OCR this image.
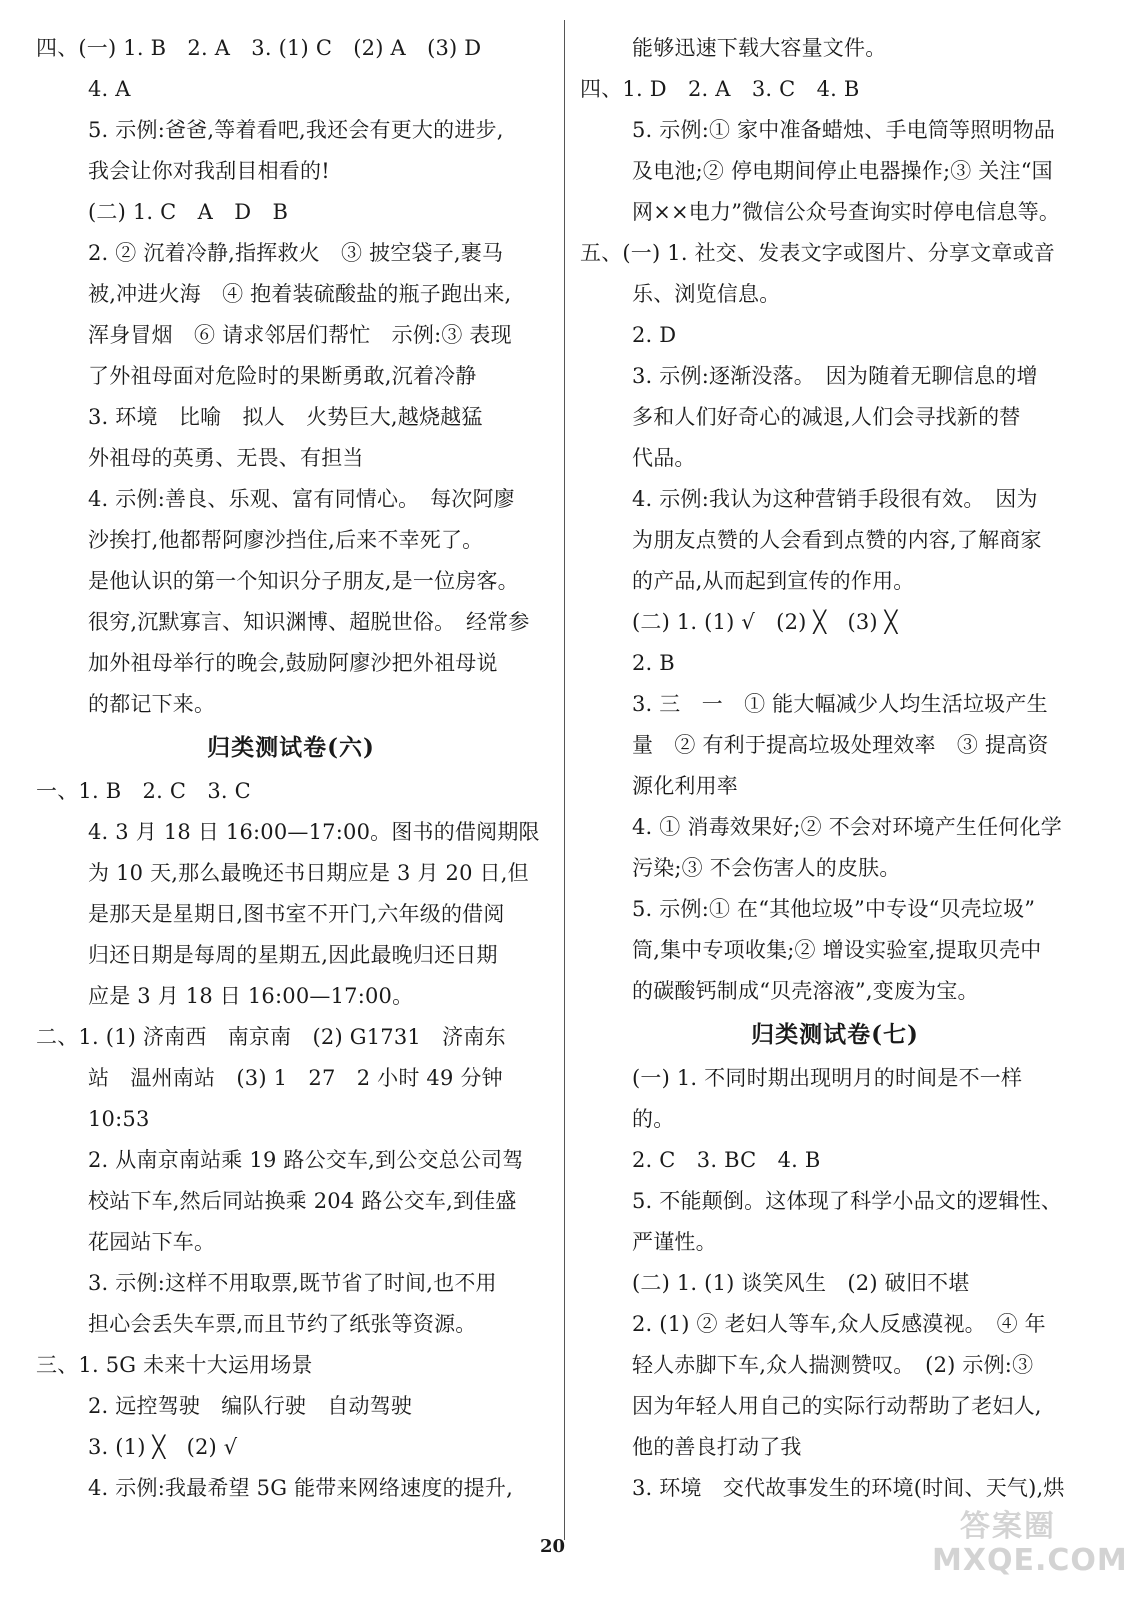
四、(一) 1. B　2. A　3. (1) C　(2) A　(3) D
4. A
5. 示例:爸爸,等着看吧,我还会有更大的进步,
我会让你对我刮目相看的!
(二) 1. C　A　D　B
2. ② 沉着冷静,指挥救火　③ 披空袋子,裹马
被,冲进火海　④ 抱着装硫酸盐的瓶子跑出来,
浑身冒烟　⑥ 请求邻居们帮忙　示例:③ 表现
了外祖母面对危险时的果断勇敢,沉着冷静
3. 环境　比喻　拟人　火势巨大,越烧越猛
外祖母的英勇、无畏、有担当
4. 示例:善良、乐观、富有同情心。　每次阿廖
沙挨打,他都帮阿廖沙挡住,后来不幸死了。
是他认识的第一个知识分子朋友,是一位房客。
很穷,沉默寡言、知识渊博、超脱世俗。　经常参
加外祖母举行的晚会,鼓励阿廖沙把外祖母说
的都记下来。
归类测试卷(六)
一、1. B　2. C　3. C
4. 3 月 18 日 16:00—17:00。图书的借阅期限
为 10 天,那么最晚还书日期应是 3 月 20 日,但
是那天是星期日,图书室不开门,六年级的借阅
归还日期是每周的星期五,因此最晚归还日期
应是 3 月 18 日 16:00—17:00。
二、1. (1) 济南西　南京南　(2) G1731　济南东
站　温州南站　(3) 1　27　2 小时 49 分钟
10:53
2. 从南京南站乘 19 路公交车,到公交总公司驾
校站下车,然后同站换乘 204 路公交车,到佳盛
花园站下车。
3. 示例:这样不用取票,既节省了时间,也不用
担心会丢失车票,而且节约了纸张等资源。
三、1. 5G 未来十大运用场景
2. 远控驾驶　编队行驶　自动驾驶
3. (1) ╳　(2) √
4. 示例:我最希望 5G 能带来网络速度的提升,
能够迅速下载大容量文件。
四、1. D　2. A　3. C　4. B
5. 示例:① 家中准备蜡烛、手电筒等照明物品
及电池;② 停电期间停止电器操作;③ 关注“国
网××电力”微信公众号查询实时停电信息等。
五、(一) 1. 社交、发表文字或图片、分享文章或音
乐、浏览信息。
2. D
3. 示例:逐渐没落。　因为随着无聊信息的增
多和人们好奇心的减退,人们会寻找新的替
代品。
4. 示例:我认为这种营销手段很有效。　因为
为朋友点赞的人会看到点赞的内容,了解商家
的产品,从而起到宣传的作用。
(二) 1. (1) √　(2) ╳　(3) ╳
2. B
3. 三　一　① 能大幅减少人均生活垃圾产生
量　② 有利于提高垃圾处理效率　③ 提高资
源化利用率
4. ① 消毒效果好;② 不会对环境产生任何化学
污染;③ 不会伤害人的皮肤。
5. 示例:① 在“其他垃圾”中专设“贝壳垃圾”
筒,集中专项收集;② 增设实验室,提取贝壳中
的碳酸钙制成“贝壳溶液”,变废为宝。
归类测试卷(七)
(一) 1. 不同时期出现明月的时间是不一样
的。
2. C　3. BC　4. B
5. 不能颠倒。这体现了科学小品文的逻辑性、
严谨性。
(二) 1. (1) 谈笑风生　(2) 破旧不堪
2. (1) ② 老妇人等车,众人反感漠视。　④ 年
轻人赤脚下车,众人揣测赞叹。　(2) 示例:③
因为年轻人用自己的实际行动帮助了老妇人,
他的善良打动了我
3. 环境　交代故事发生的环境(时间、天气),烘
20
答案圈
MXQE.COM
